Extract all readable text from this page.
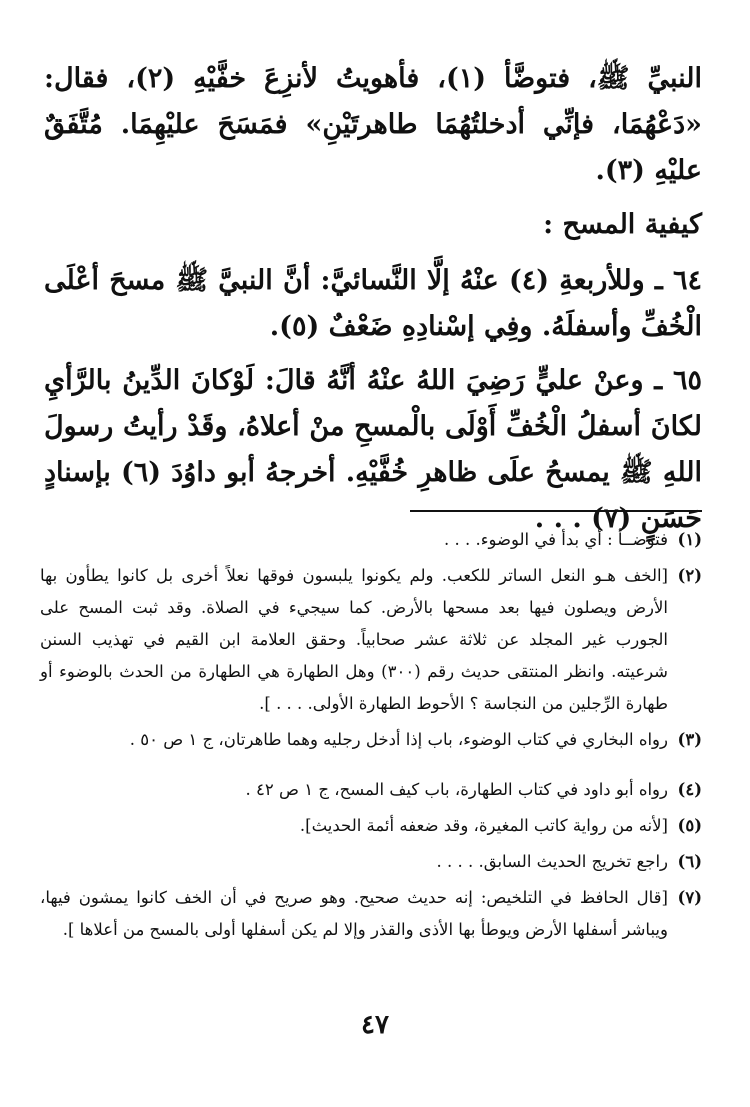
النبيِّ ﷺ، فتوضَّأ (١)، فأهويتُ لأنزِعَ خفَّيْهِ (٢)، فقال: «دَعْهُمَا، فإنِّي أدخلتُهُمَا طاهرتَيْنِ» فمَسَحَ عليْهِمَا. مُتَّفَقٌ عليْهِ (٣).

كيفية المسح :

٦٤ ـ وللأربعةِ (٤) عنْهُ إلَّا النَّسائيَّ: أنَّ النبيَّ ﷺ مسحَ أعْلَى الْخُفِّ وأسفلَهُ. وفِي إسْنادِهِ ضَعْفٌ (٥).

٦٥ ـ وعنْ عليٍّ رَضِيَ اللهُ عنْهُ أنَّهُ قالَ: لَوْكانَ الدِّينُ بالرَّأيِ لكانَ أسفلُ الْخُفِّ أَوْلَى بالْمسحِ منْ أعلاهُ، وقَدْ رأيتُ رسولَ اللهِ ﷺ يمسحُ علَى ظاهرِ خُفَّيْهِ. أخرجهُ أبو داوُدَ (٦) بإسنادٍ حَسَنٍ (٧) . . .

(١)
فتوضــأ : أي بدأ في الوضوء. . . .
(٢)
[الخف هـو النعل الساتر للكعب. ولم يكونوا يلبسون فوقها نعلاً أخرى بل كانوا يطأون بها الأرض ويصلون فيها بعد مسحها بالأرض. كما سيجيء في الصلاة. وقد ثبت المسح على الجورب غير المجلد عن ثلاثة عشر صحابياً. وحقق العلامة ابن القيم في تهذيب السنن شرعيته. وانظر المنتقى حديث رقم (٣٠٠) وهل الطهارة هي الطهارة من الحدث بالوضوء أو طهارة الرِّجلين من النجاسة ؟ الأحوط الطهارة الأولى. . . . ].
(٣)
رواه البخاري في كتاب الوضوء، باب إذا أدخل رجليه وهما طاهرتان، ج ١ ص ٥٠ .
(٤)
رواه أبو داود في كتاب الطهارة، باب كيف المسح، ج ١ ص ٤٢ .
(٥)
[لأنه من رواية كاتب المغيرة، وقد ضعفه أئمة الحديث].
(٦)
راجع تخريج الحديث السابق. . . . .
(٧)
[قال الحافظ في التلخيص: إنه حديث صحيح. وهو صريح في أن الخف كانوا يمشون فيها، ويباشر أسفلها الأرض ويوطأ بها الأذى والقذر وإلا لم يكن أسفلها أولى بالمسح من أعلاها ].
٤٧
